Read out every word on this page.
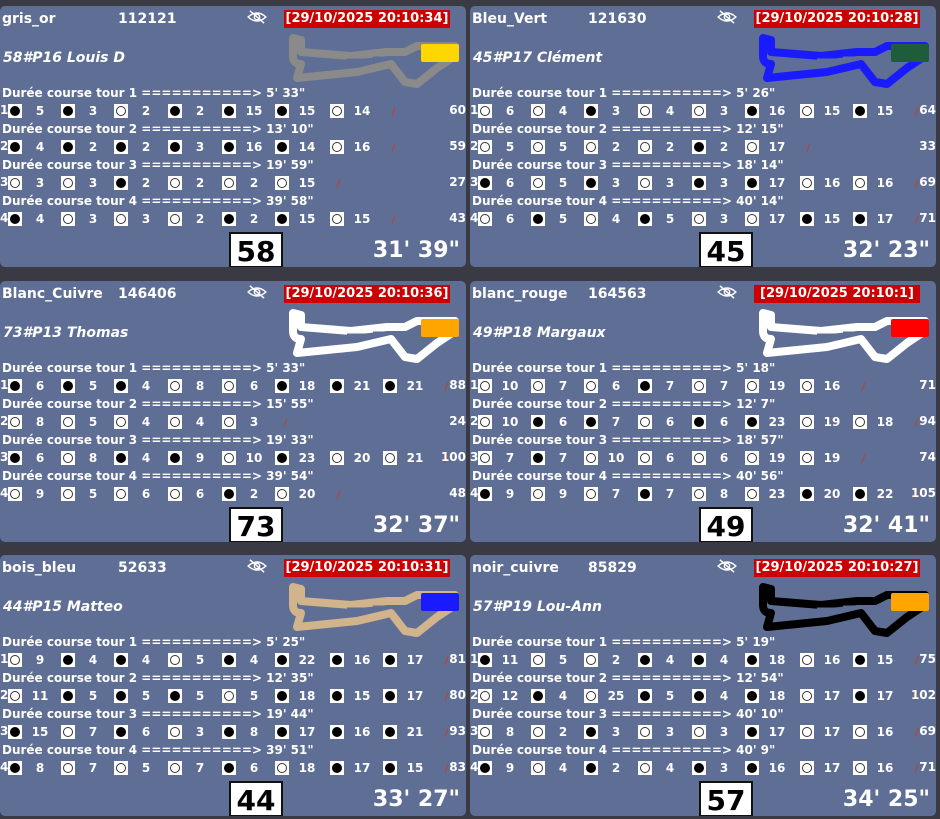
gris_or	112121	[29/10/2025 20:10:34]
58#P16 Louis D
Durée course tour 1 ===========> 5' 33"
1	5	3	2	2	15	15	14	60
Durée course tour 2 ===========> 13' 10"
2	4	2	2	3	16	14	16	59
Durée course tour 3 ===========> 19' 59"
3	3	3	2	2	2	15	27
Durée course tour 4 ===========> 39' 58"
4	4	3	3	2	2	15	15	43
58	31' 39"
Bleu_Vert	121630	[29/10/2025 20:10:28]
45#P17 Clément
Durée course tour 1 ===========> 5' 26"
1	6	4	3	4	3	16	15	15	64
Durée course tour 2 ===========> 12' 15"
2	5	5	2	2	2	17	33
Durée course tour 3 ===========> 18' 14"
3	6	5	3	3	3	17	16	16	69
Durée course tour 4 ===========> 40' 14"
4	6	5	4	5	3	17	15	17	71
45	32' 23"
Blanc_Cuivre 146406	[29/10/2025 20:10:36]
73#P13 Thomas
Durée course tour 1 ===========> 5' 33"
1	6	5	4	8	6	18	21	21	88
Durée course tour 2 ===========> 15' 55"
2	8	5	4	4	3	24
Durée course tour 3 ===========> 19' 33"
3	6	8	4	9	10	23	20	21	100
Durée course tour 4 ===========> 39' 54"
4	9	5	6	6	2	20	48
73	32' 37"
blanc_rouge 164563	[29/10/2025 20:10:1]
49#P18 Margaux
Durée course tour 1 ===========> 5' 18"
1	10	7	6	7	7	19	16	71
Durée course tour 2 ===========> 12' 7"
2	10	6	7	6	6	23	19	18	94
Durée course tour 3 ===========> 18' 57"
3	7	7	10	6	6	19	19	74
Durée course tour 4 ===========> 40' 56"
4	9	9	7	7	8	23	20	22	105
49	32' 41"
bois_bleu	52633	[29/10/2025 20:10:31]
44#P15 Matteo
Durée course tour 1 ===========> 5' 25"
1	9	4	4	5	4	22	16	17	81
Durée course tour 2 ===========> 12' 35"
2	11	5	5	5	5	18	15	17	80
Durée course tour 3 ===========> 19' 44"
3	15	7	6	3	8	17	16	21	93
Durée course tour 4 ===========> 39' 51"
4	8	7	5	7	6	18	17	15	83
44	33' 27"
noir_cuivre 85829	[29/10/2025 20:10:27]
57#P19 Lou-Ann
Durée course tour 1 ===========> 5' 19"
1	11	5	2	4	4	18	16	15	75
Durée course tour 2 ===========> 12' 54"
2	12	4	25	5	4	18	17	17	102
Durée course tour 3 ===========> 40' 10"
3	8	2	3	3	3	17	17	16	69
Durée course tour 4 ===========> 40' 9"
4	9	4	2	4	3	16	17	16	71
57	34' 25"
